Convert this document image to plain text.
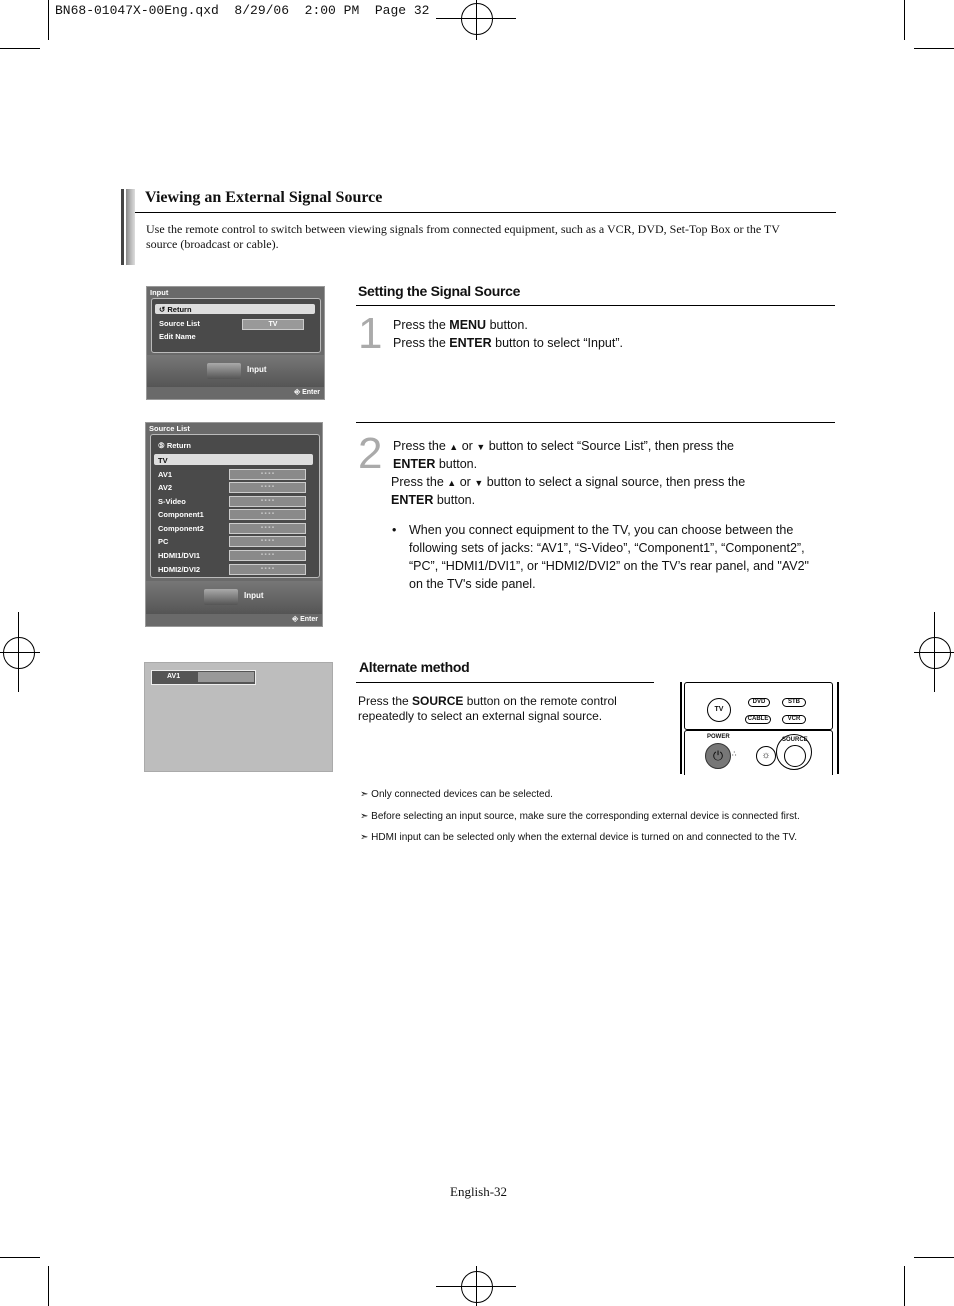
BN68-01047X-00Eng.qxd  8/29/06  2:00 PM  Page 32
Viewing an External Signal Source
Use the remote control to switch between viewing signals from connected equipment, such as a VCR, DVD, Set-Top Box or the TV source (broadcast or cable).
Input
↺ Return
Source List	TV
Edit Name
Input
⎆ Enter
Source List
⑤ Return
TV
AV1	- - - -
AV2	- - - -
S-Video	- - - -
Component1	- - - -
Component2	- - - -
PC	- - - -
HDMI1/DVI1	- - - -
HDMI2/DVI2	- - - -
Input
⎆ Enter
AV1
Setting the Signal Source
1 Press the MENU button.
Press the ENTER button to select “Input”.
2 Press the ▲ or ▼ button to select “Source List”, then press the
ENTER button.
Press the ▲ or ▼ button to select a signal source, then press the
ENTER button.
• When you connect equipment to the TV, you can choose between the following sets of jacks: “AV1”, “S-Video”, “Component1”, “Component2”, “PC”, “HDMI1/DVI1”, or “HDMI2/DVI2” on the TV’s rear panel, and "AV2" on the TV's side panel.
Alternate method
Press the SOURCE button on the remote control repeatedly to select an external signal source.	TV
DVD	STB
CABLE	VCR
POWER
⏻	∴	☼
SOURCE
➣ Only connected devices can be selected.
➣ Before selecting an input source, make sure the corresponding external device is connected first.
➣ HDMI input can be selected only when the external device is turned on and connected to the TV.
English-32
